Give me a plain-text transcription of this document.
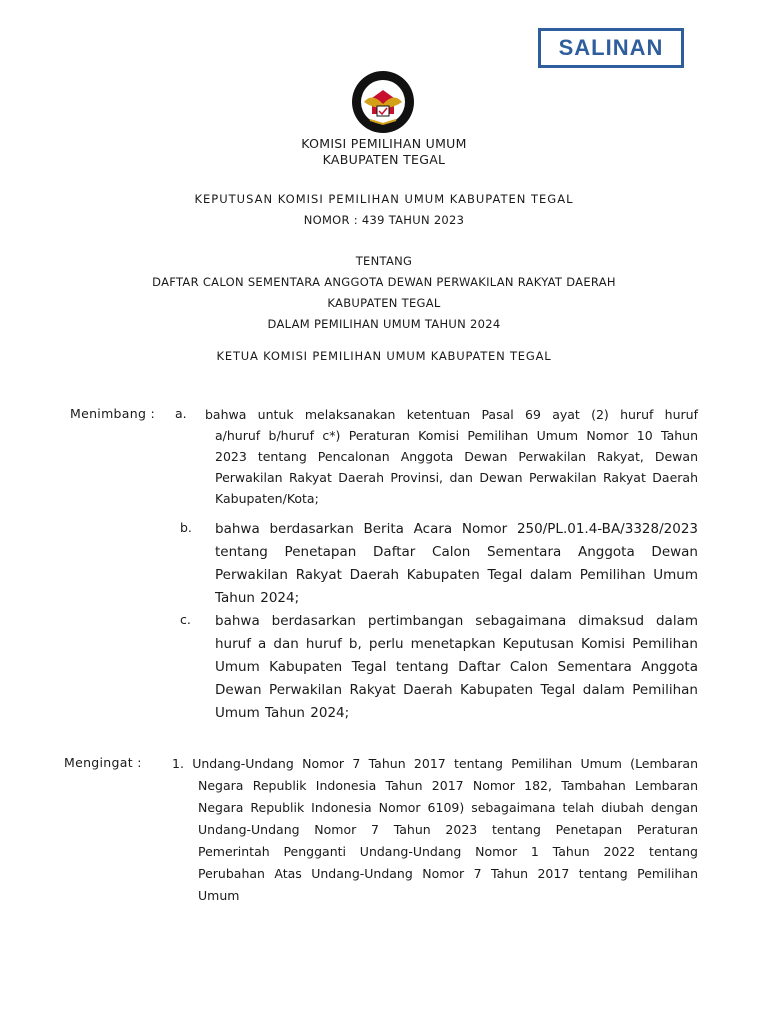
SALINAN
KOMISI PEMILIHAN UMUM
KABUPATEN TEGAL
KEPUTUSAN KOMISI PEMILIHAN UMUM KABUPATEN TEGAL
NOMOR : 439 TAHUN 2023
TENTANG
DAFTAR CALON SEMENTARA ANGGOTA DEWAN PERWAKILAN RAKYAT DAERAH
KABUPATEN TEGAL
DALAM PEMILIHAN UMUM TAHUN 2024
KETUA KOMISI PEMILIHAN UMUM KABUPATEN TEGAL
Menimbang : a. bahwa untuk melaksanakan ketentuan Pasal 69 ayat (2) huruf huruf
a/huruf b/huruf c*) Peraturan Komisi Pemilihan Umum Nomor 10 Tahun 2023 tentang Pencalonan Anggota Dewan Perwakilan Rakyat, Dewan Perwakilan Rakyat Daerah Provinsi, dan Dewan Perwakilan Rakyat Daerah Kabupaten/Kota;
b. bahwa berdasarkan Berita Acara Nomor 250/PL.01.4-BA/3328/2023 tentang Penetapan Daftar Calon Sementara Anggota Dewan Perwakilan Rakyat Daerah Kabupaten Tegal dalam Pemilihan Umum Tahun 2024;
c. bahwa berdasarkan pertimbangan sebagaimana dimaksud dalam huruf a dan huruf b, perlu menetapkan Keputusan Komisi Pemilihan Umum Kabupaten Tegal tentang Daftar Calon Sementara Anggota Dewan Perwakilan Rakyat Daerah Kabupaten Tegal dalam Pemilihan Umum Tahun 2024;
Mengingat : 1. Undang-Undang Nomor 7 Tahun 2017 tentang Pemilihan Umum (Lembaran
Negara Republik Indonesia Tahun 2017 Nomor 182, Tambahan Lembaran Negara Republik Indonesia Nomor 6109) sebagaimana telah diubah dengan Undang-Undang Nomor 7 Tahun 2023 tentang Penetapan Peraturan Pemerintah Pengganti Undang-Undang Nomor 1 Tahun 2022 tentang Perubahan Atas Undang-Undang Nomor 7 Tahun 2017 tentang Pemilihan Umum
